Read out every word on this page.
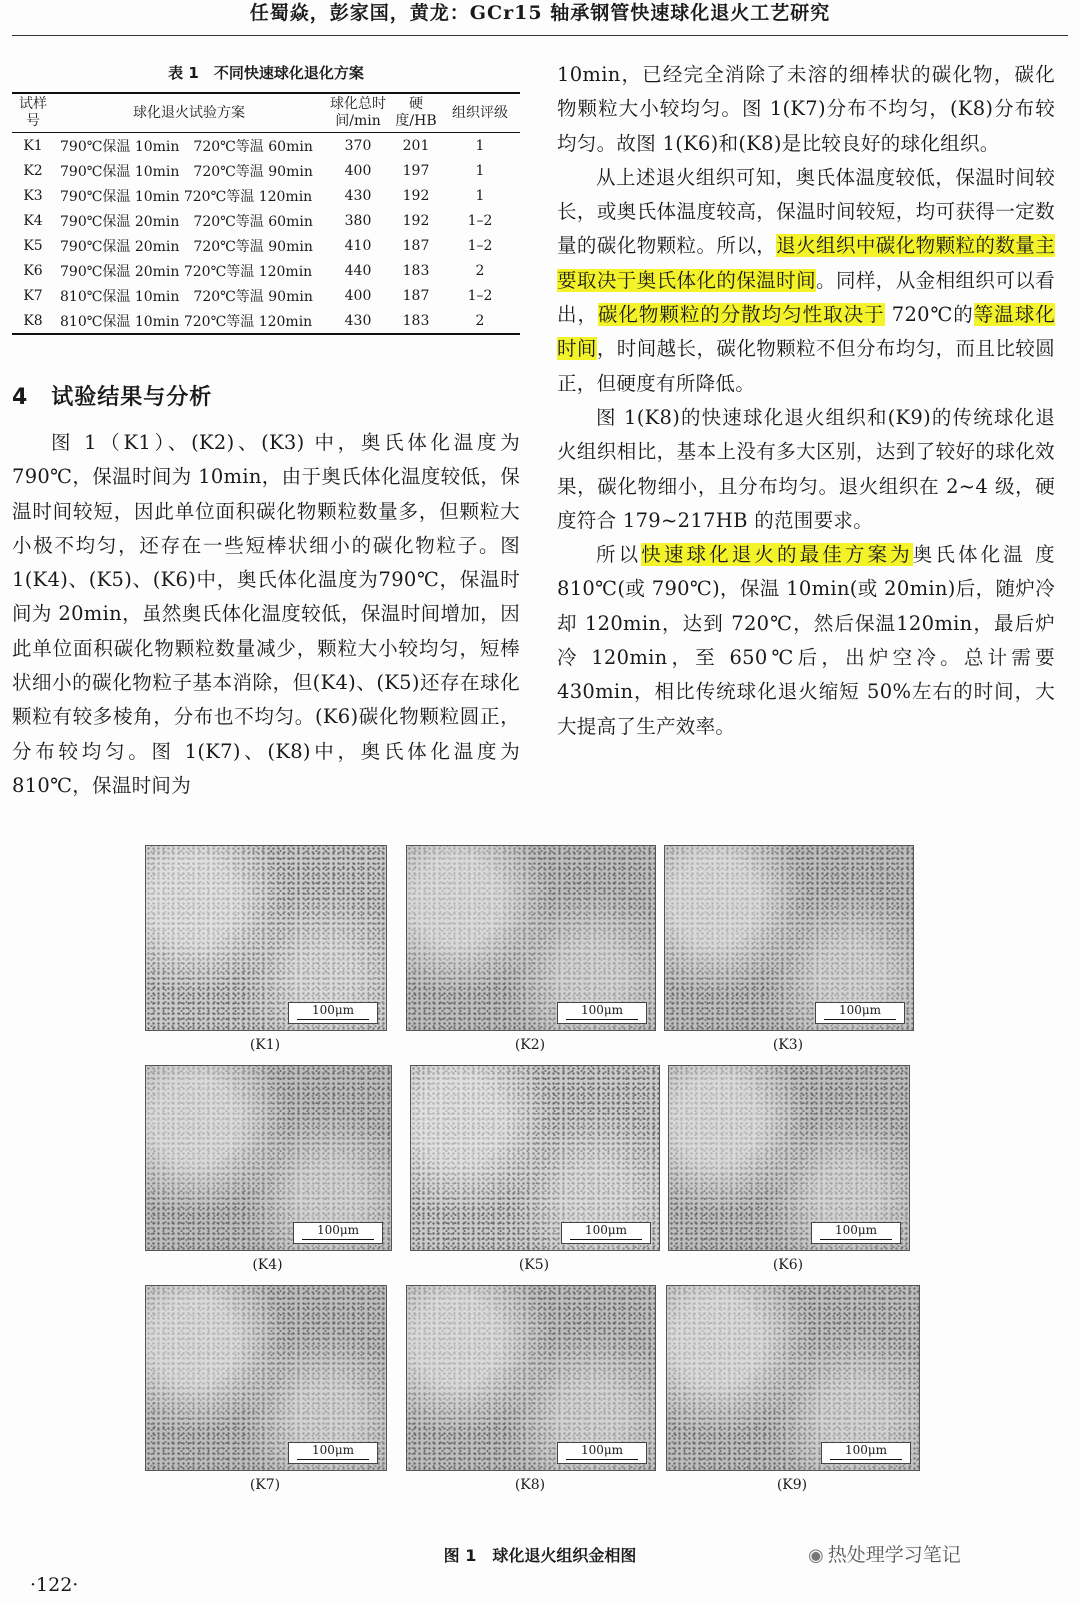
任蜀焱，彭家国，黄龙：GCr15 轴承钢管快速球化退火工艺研究
表 1　不同快速球化退化方案
试样号	球化退火试验方案	球化总时间/min	硬度/HB	组织评级
K1	790℃保温 10min　720℃等温 60min	370	201	1
K2	790℃保温 10min　720℃等温 90min	400	197	1
K3	790℃保温 10min 720℃等温 120min	430	192	1
K4	790℃保温 20min　720℃等温 60min	380	192	1–2
K5	790℃保温 20min　720℃等温 90min	410	187	1–2
K6	790℃保温 20min 720℃等温 120min	440	183	2
K7	810℃保温 10min　720℃等温 90min	400	187	1–2
K8	810℃保温 10min 720℃等温 120min	430	183	2
4　试验结果与分析

图 1（K1）、(K2)、(K3) 中，奥氏体化温度为790℃，保温时间为 10min，由于奥氏体化温度较低，保温时间较短，因此单位面积碳化物颗粒数量多，但颗粒大小极不均匀，还存在一些短棒状细小的碳化物粒子。图 1(K4)、(K5)、(K6)中，奥氏体化温度为790℃，保温时间为 20min，虽然奥氏体化温度较低，保温时间增加，因此单位面积碳化物颗粒数量减少，颗粒大小较均匀，短棒状细小的碳化物粒子基本消除，但(K4)、(K5)还存在球化颗粒有较多棱角，分布也不均匀。(K6)碳化物颗粒圆正，分布较均匀。图 1(K7)、(K8)中，奥氏体化温度为 810℃，保温时间为

10min，已经完全消除了未溶的细棒状的碳化物，碳化物颗粒大小较均匀。图 1(K7)分布不均匀，(K8)分布较均匀。故图 1(K6)和(K8)是比较良好的球化组织。

从上述退火组织可知，奥氏体温度较低，保温时间较长，或奥氏体温度较高，保温时间较短，均可获得一定数量的碳化物颗粒。所以，退火组织中碳化物颗粒的数量主要取决于奥氏体化的保温时间。同样，从金相组织可以看出，碳化物颗粒的分散均匀性取决于 720℃的等温球化时间，时间越长，碳化物颗粒不但分布均匀，而且比较圆正，但硬度有所降低。

图 1(K8)的快速球化退火组织和(K9)的传统球化退火组织相比，基本上没有多大区别，达到了较好的球化效果，碳化物细小，且分布均匀。退火组织在 2~4 级，硬度符合 179~217HB 的范围要求。

所以快速球化退火的最佳方案为奥氏体化温 度 810℃(或 790℃)，保温 10min(或 20min)后，随炉冷却 120min，达到 720℃，然后保温120min，最后炉冷 120min，至 650℃后，出炉空冷。总计需要 430min，相比传统球化退火缩短 50%左右的时间，大大提高了生产效率。

100μm
(K1)
100μm
(K2)
100μm
(K3)
100μm
(K4)
100μm
(K5)
100μm
(K6)
100μm
(K7)
100μm
(K8)
100μm
(K9)
图 1　球化退火组织金相图	◉ 热处理学习笔记
·122·
